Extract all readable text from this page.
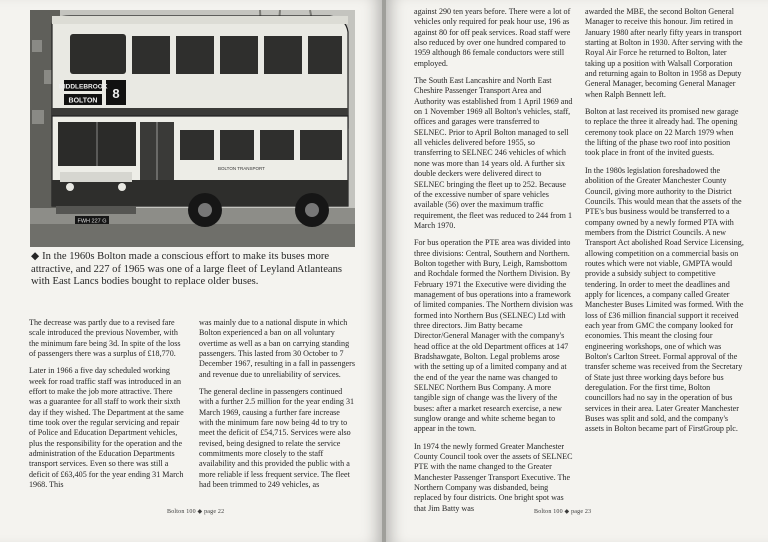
MIDDLEBROOK
BOLTON 8
BOLTON TRANSPORT
FWH 227 G
◆ In the 1960s Bolton made a conscious effort to make its buses more attractive, and 227 of 1965 was one of a large fleet of Leyland Atlanteans with East Lancs bodies bought to replace older buses.

The decrease was partly due to a revised fare scale introduced the previous November, with the minimum fare being 3d. In spite of the loss of passengers there was a surplus of £18,770.

Later in 1966 a five day scheduled working week for road traffic staff was introduced in an effort to make the job more attractive. There was a guarantee for all staff to work their sixth day if they wished. The Department at the same time took over the regular servicing and repair of Police and Education Department vehicles, plus the responsibility for the operation and the administration of the Education Departments transport services. Even so there was still a deficit of £63,405 for the year ending 31 March 1968. This

was mainly due to a national dispute in which Bolton experienced a ban on all voluntary overtime as well as a ban on carrying standing passengers. This lasted from 30 October to 7 December 1967, resulting in a fall in passengers and revenue due to unreliability of services.

The general decline in passengers continued with a further 2.5 million for the year ending 31 March 1969, causing a further fare increase with the minimum fare now being 4d to try to meet the deficit of £54,715. Services were also revised, being designed to relate the service commitments more closely to the staff availability and this provided the public with a more reliable if less frequent service. The fleet had been trimmed to 249 vehicles, as

Bolton 100 ◆ page 22

against 290 ten years before. There were a lot of vehicles only required for peak hour use, 196 as against 80 for off peak services. Road staff were also reduced by over one hundred compared to 1959 although 86 female conductors were still employed.

The South East Lancashire and North East Cheshire Passenger Transport Area and Authority was established from 1 April 1969 and on 1 November 1969 all Bolton's vehicles, staff, offices and garages were transferred to SELNEC. Prior to April Bolton managed to sell all vehicles delivered before 1955, so transferring to SELNEC 246 vehicles of which none was more than 14 years old. A further six double deckers were delivered direct to SELNEC bringing the fleet up to 252. Because of the excessive number of spare vehicles available (56) over the maximum traffic requirement, the fleet was reduced to 244 from 1 March 1970.

For bus operation the PTE area was divided into three divisions: Central, Southern and Northern. Bolton together with Bury, Leigh, Ramsbottom and Rochdale formed the Northern Division. By February 1971 the Executive were dividing the management of bus operations into a framework of limited companies. The Northern division was formed into Northern Bus (SELNEC) Ltd with three directors. Jim Batty became Director/General Manager with the company's head office at the old Department offices at 147 Bradshawgate, Bolton. Legal problems arose with the setting up of a limited company and at the end of the year the name was changed to SELNEC Northern Bus Company. A more tangible sign of change was the livery of the buses: after a market research exercise, a new sunglow orange and white scheme began to appear in the town.

In 1974 the newly formed Greater Manchester County Council took over the assets of SELNEC PTE with the name changed to the Greater Manchester Passenger Transport Executive. The Northern Company was disbanded, being replaced by four districts. One bright spot was that Jim Batty was

awarded the MBE, the second Bolton General Manager to receive this honour. Jim retired in January 1980 after nearly fifty years in transport starting at Bolton in 1930. After serving with the Royal Air Force he returned to Bolton, later taking up a position with Walsall Corporation and returning again to Bolton in 1958 as Deputy General Manager, becoming General Manager when Ralph Bennett left.

Bolton at last received its promised new garage to replace the three it already had. The opening ceremony took place on 22 March 1979 when the lifting of the phase two roof into position took place in front of the invited guests.

In the 1980s legislation foreshadowed the abolition of the Greater Manchester County Council, giving more authority to the District Councils. This would mean that the assets of the PTE's bus business would be transferred to a company owned by a newly formed PTA with members from the District Councils. A new Transport Act abolished Road Service Licensing, allowing competition on a commercial basis on routes which were not viable, GMPTA would provide a subsidy subject to competitive tendering. In order to meet the deadlines and apply for licences, a company called Greater Manchester Buses Limited was formed. With the loss of £36 million financial support it received each year from GMC the company looked for economies. This meant the closing four engineering workshops, one of which was Bolton's Carlton Street. Formal approval of the transfer scheme was received from the Secretary of State just three working days before bus deregulation. For the first time, Bolton councillors had no say in the operation of bus services in their area. Later Greater Manchester Buses was split and sold, and the company's assets in Bolton became part of FirstGroup plc.

Bolton 100 ◆ page 23
